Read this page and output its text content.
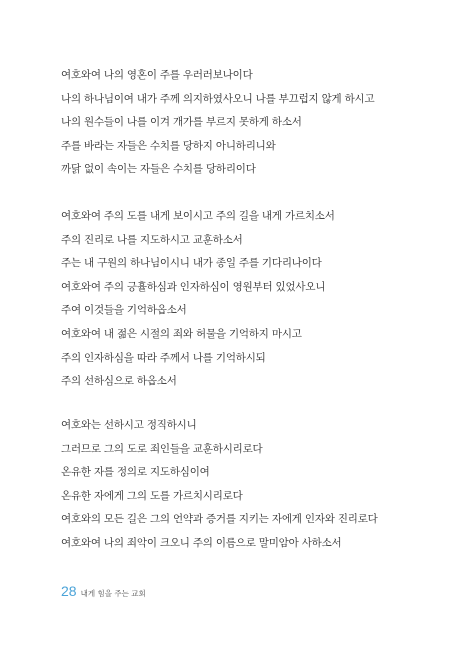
여호와여 나의 영혼이 주를 우러러보나이다
나의 하나님이여 내가 주께 의지하였사오니 나를 부끄럽지 않게 하시고
나의 원수들이 나를 이겨 개가를 부르지 못하게 하소서
주를 바라는 자들은 수치를 당하지 아니하리니와
까닭 없이 속이는 자들은 수치를 당하리이다
여호와여 주의 도를 내게 보이시고 주의 길을 내게 가르치소서
주의 진리로 나를 지도하시고 교훈하소서
주는 내 구원의 하나님이시니 내가 종일 주를 기다리나이다
여호와여 주의 긍휼하심과 인자하심이 영원부터 있었사오니
주여 이것들을 기억하옵소서
여호와여 내 젊은 시절의 죄와 허물을 기억하지 마시고
주의 인자하심을 따라 주께서 나를 기억하시되
주의 선하심으로 하옵소서
여호와는 선하시고 정직하시니
그러므로 그의 도로 죄인들을 교훈하시리로다
온유한 자를 정의로 지도하심이여
온유한 자에게 그의 도를 가르치시리로다
여호와의 모든 길은 그의 언약과 증거를 지키는 자에게 인자와 진리로다
여호와여 나의 죄악이 크오니 주의 이름으로 말미암아 사하소서
28 내게 힘을 주는 교회
